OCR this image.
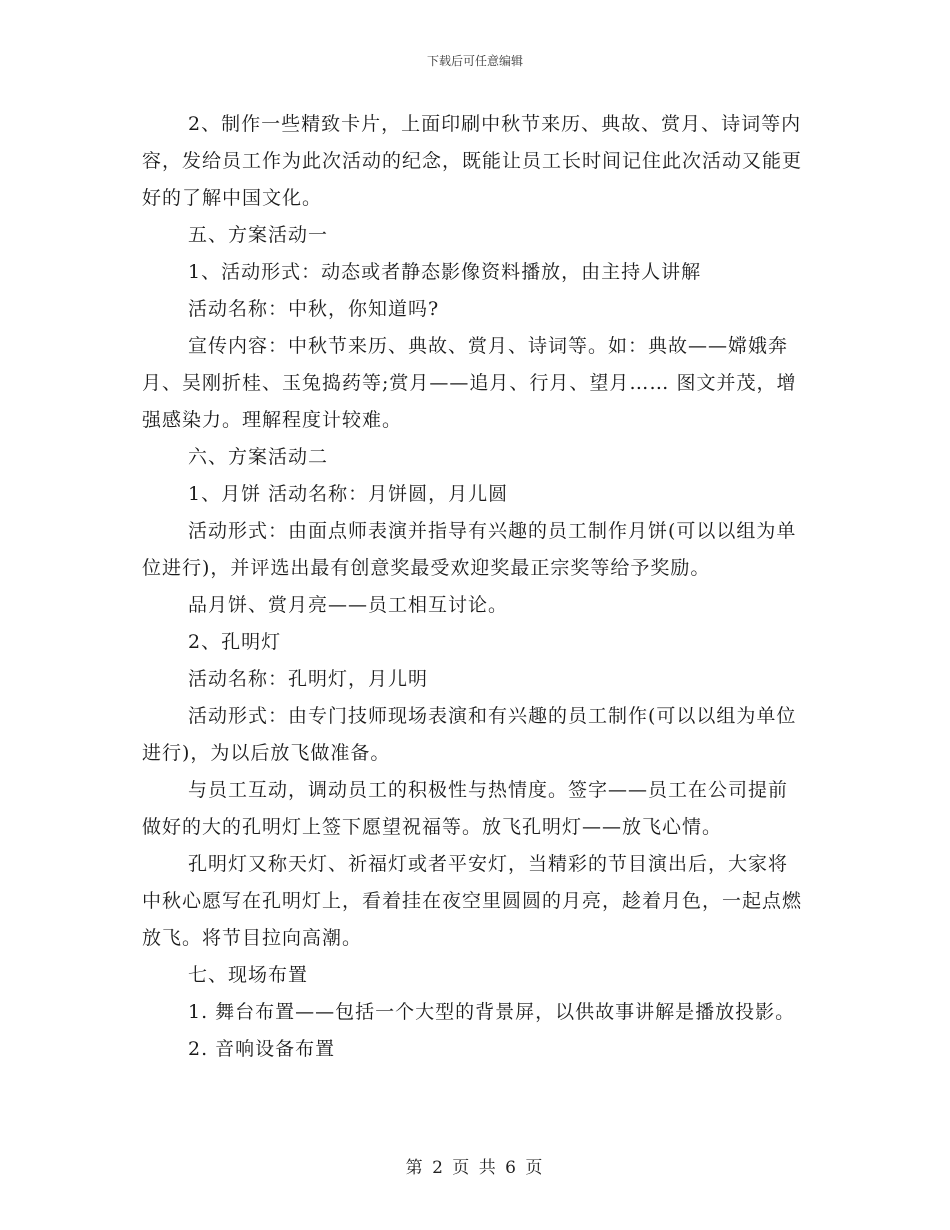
下载后可任意编辑

2、制作一些精致卡片，上面印刷中秋节来历、典故、赏月、诗词等内容，发给员工作为此次活动的纪念，既能让员工长时间记住此次活动又能更好的了解中国文化。

五、方案活动一

1、活动形式：动态或者静态影像资料播放，由主持人讲解

活动名称：中秋，你知道吗?

宣传内容：中秋节来历、典故、赏月、诗词等。如：典故——嫦娥奔月、吴刚折桂、玉兔捣药等;赏月——追月、行月、望月…… 图文并茂，增强感染力。理解程度计较难。

六、方案活动二

1、月饼 活动名称：月饼圆，月儿圆

活动形式：由面点师表演并指导有兴趣的员工制作月饼(可以以组为单位进行)，并评选出最有创意奖最受欢迎奖最正宗奖等给予奖励。

品月饼、赏月亮——员工相互讨论。

2、孔明灯

活动名称：孔明灯，月儿明

活动形式：由专门技师现场表演和有兴趣的员工制作(可以以组为单位进行)，为以后放飞做准备。

与员工互动，调动员工的积极性与热情度。签字——员工在公司提前做好的大的孔明灯上签下愿望祝福等。放飞孔明灯——放飞心情。

孔明灯又称天灯、祈福灯或者平安灯，当精彩的节目演出后，大家将中秋心愿写在孔明灯上，看着挂在夜空里圆圆的月亮，趁着月色，一起点燃放飞。将节目拉向高潮。

七、现场布置

1. 舞台布置——包括一个大型的背景屏，以供故事讲解是播放投影。

2. 音响设备布置

第 2 页 共 6 页
